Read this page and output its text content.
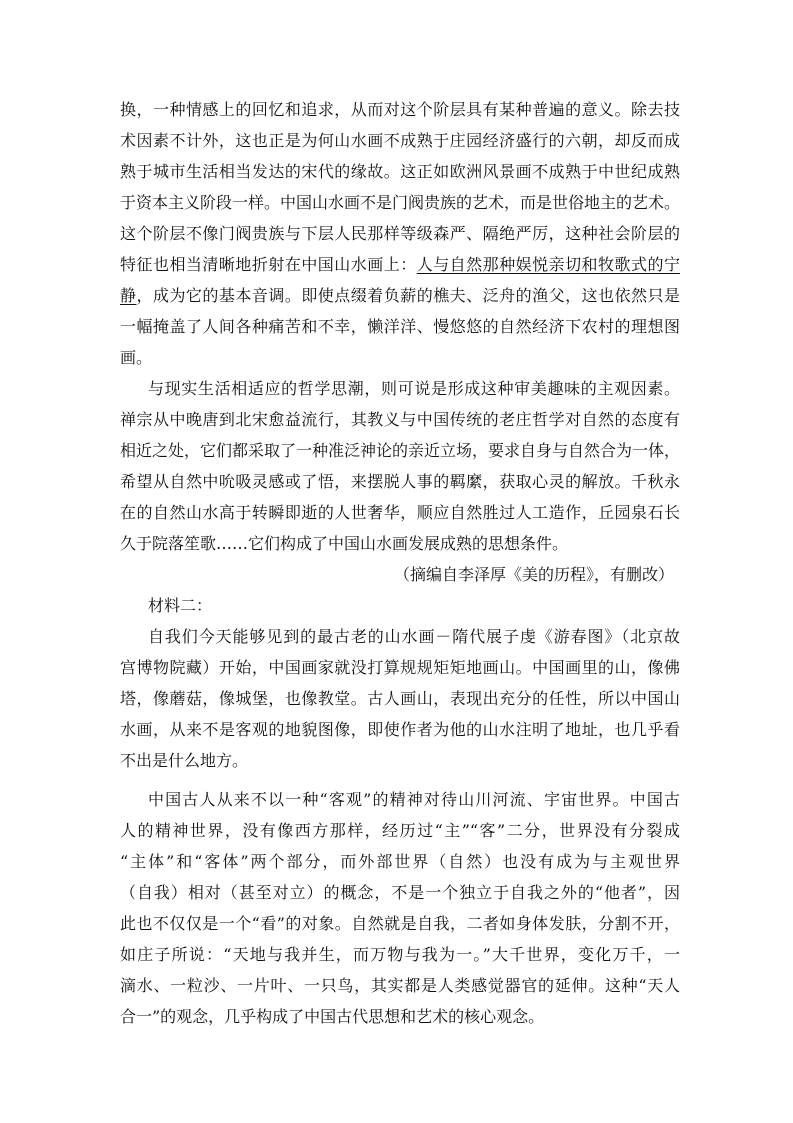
换，一种情感上的回忆和追求，从而对这个阶层具有某种普遍的意义。除去技
术因素不计外，这也正是为何山水画不成熟于庄园经济盛行的六朝，却反而成
熟于城市生活相当发达的宋代的缘故。这正如欧洲风景画不成熟于中世纪成熟
于资本主义阶段一样。中国山水画不是门阀贵族的艺术，而是世俗地主的艺术。
这个阶层不像门阀贵族与下层人民那样等级森严、隔绝严厉，这种社会阶层的
特征也相当清晰地折射在中国山水画上：人与自然那种娱悦亲切和牧歌式的宁
静，成为它的基本音调。即使点缀着负薪的樵夫、泛舟的渔父，这也依然只是
一幅掩盖了人间各种痛苦和不幸，懒洋洋、慢悠悠的自然经济下农村的理想图
画。
与现实生活相适应的哲学思潮，则可说是形成这种审美趣味的主观因素。
禅宗从中晚唐到北宋愈益流行，其教义与中国传统的老庄哲学对自然的态度有
相近之处，它们都采取了一种准泛神论的亲近立场，要求自身与自然合为一体，
希望从自然中吮吸灵感或了悟，来摆脱人事的羁縻，获取心灵的解放。千秋永
在的自然山水高于转瞬即逝的人世奢华，顺应自然胜过人工造作，丘园泉石长
久于院落笙歌……它们构成了中国山水画发展成熟的思想条件。
（摘编自李泽厚《美的历程》，有删改）
材料二：
自我们今天能够见到的最古老的山水画－隋代展子虔《游春图》（北京故
宫博物院藏）开始，中国画家就没打算规规矩矩地画山。中国画里的山，像佛
塔，像蘑菇，像城堡，也像教堂。古人画山，表现出充分的任性，所以中国山
水画，从来不是客观的地貌图像，即使作者为他的山水注明了地址，也几乎看
不出是什么地方。
中国古人从来不以一种“客观”的精神对待山川河流、宇宙世界。中国古
人的精神世界，没有像西方那样，经历过“主”“客”二分，世界没有分裂成
“主体”和“客体”两个部分，而外部世界（自然）也没有成为与主观世界
（自我）相对（甚至对立）的概念，不是一个独立于自我之外的“他者”，因
此也不仅仅是一个“看”的对象。自然就是自我，二者如身体发肤，分割不开，
如庄子所说：“天地与我并生，而万物与我为一。”大千世界，变化万千，一
滴水、一粒沙、一片叶、一只鸟，其实都是人类感觉器官的延伸。这种“天人
合一”的观念，几乎构成了中国古代思想和艺术的核心观念。
